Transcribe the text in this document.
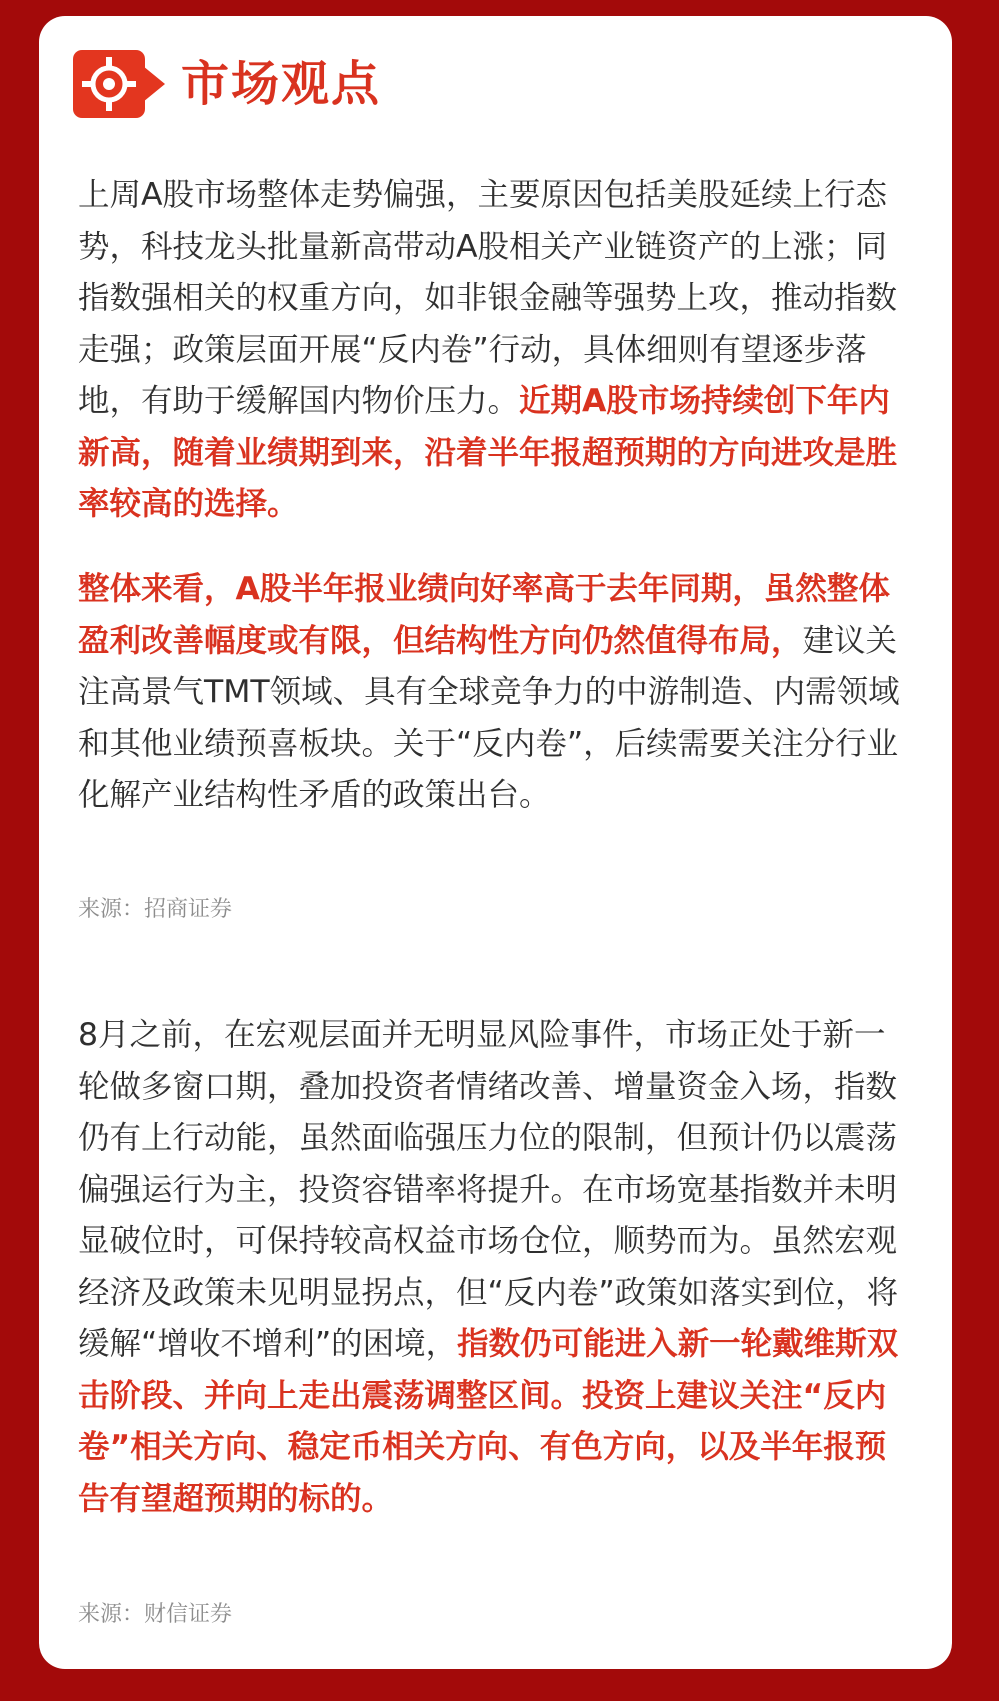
市场观点

上周A股市场整体走势偏强，主要原因包括美股延续上行态势，科技龙头批量新高带动A股相关产业链资产的上涨；同指数强相关的权重方向，如非银金融等强势上攻，推动指数走强；政策层面开展“反内卷”行动，具体细则有望逐步落地，有助于缓解国内物价压力。近期A股市场持续创下年内新高，随着业绩期到来，沿着半年报超预期的方向进攻是胜率较高的选择。

整体来看，A股半年报业绩向好率高于去年同期，虽然整体盈利改善幅度或有限，但结构性方向仍然值得布局，建议关注高景气TMT领域、具有全球竞争力的中游制造、内需领域和其他业绩预喜板块。关于“反内卷”，后续需要关注分行业化解产业结构性矛盾的政策出台。

来源：招商证券

8月之前，在宏观层面并无明显风险事件，市场正处于新一轮做多窗口期，叠加投资者情绪改善、增量资金入场，指数仍有上行动能，虽然面临强压力位的限制，但预计仍以震荡偏强运行为主，投资容错率将提升。在市场宽基指数并未明显破位时，可保持较高权益市场仓位，顺势而为。虽然宏观经济及政策未见明显拐点，但“反内卷”政策如落实到位，将缓解“增收不增利”的困境，指数仍可能进入新一轮戴维斯双击阶段、并向上走出震荡调整区间。投资上建议关注“反内卷”相关方向、稳定币相关方向、有色方向，以及半年报预告有望超预期的标的。

来源：财信证券
